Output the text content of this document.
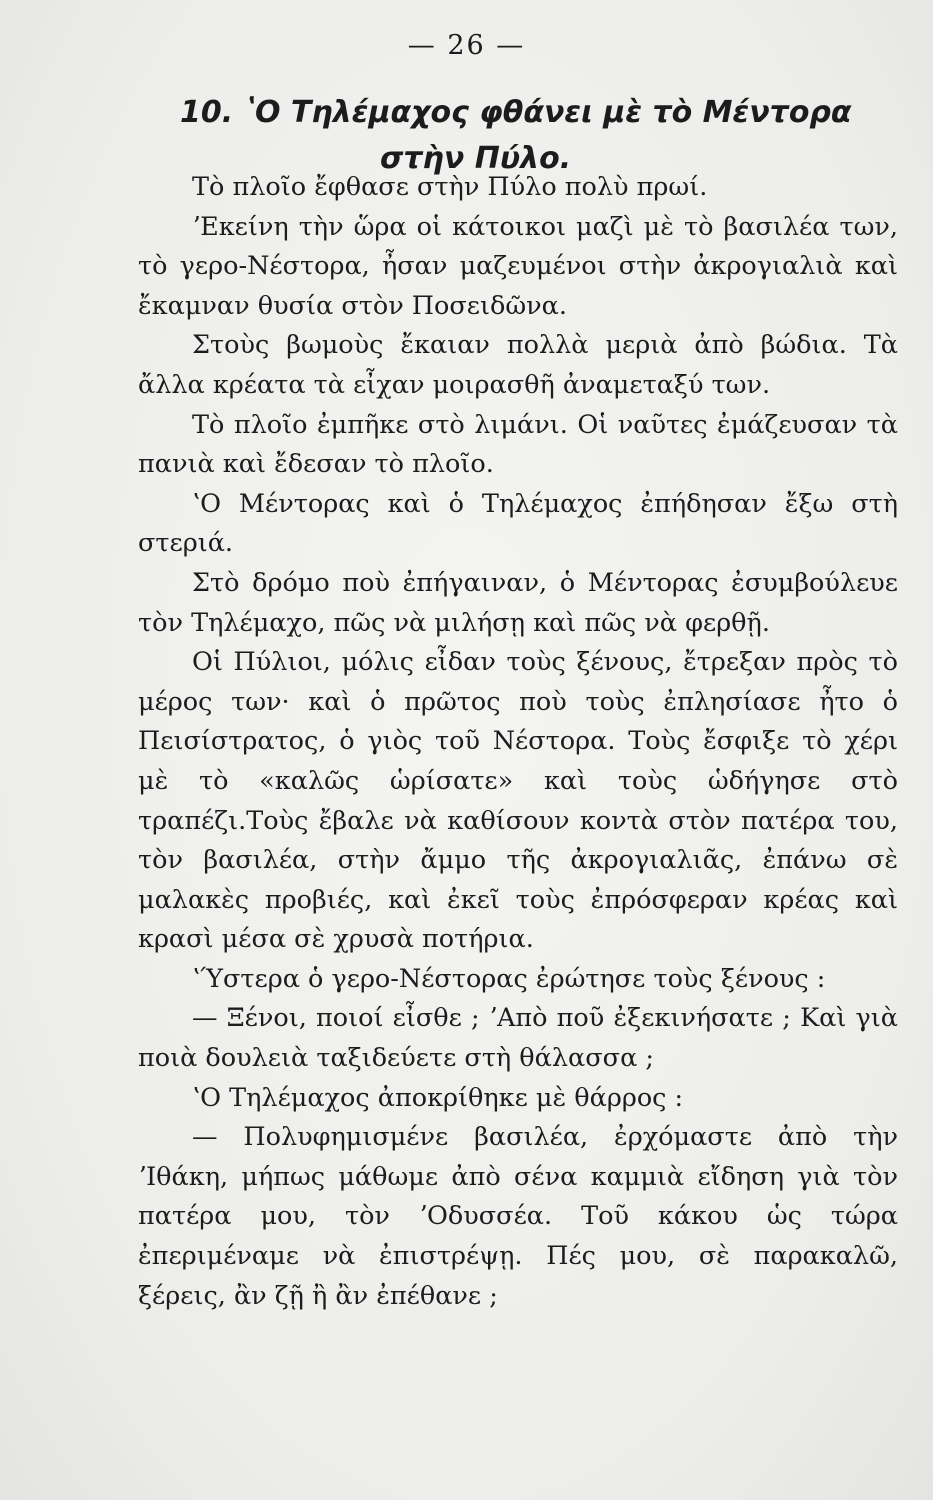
— 26 —
10. ʽΟ Τηλέμαχος φθάνει μὲ τὸ Μέντορα
στὴν Πύλο.

Τὸ πλοῖο ἔφθασε στὴν Πύλο πολὺ πρωί.

ʼΕκείνη τὴν ὥρα οἱ κάτοικοι μαζὶ μὲ τὸ βασιλέα των, τὸ γερο-Νέστορα, ἦσαν μαζευμένοι στὴν ἀκρογιαλιὰ καὶ ἔκαμναν θυσία στὸν Ποσειδῶνα.

Στοὺς βωμοὺς ἔκαιαν πολλὰ μεριὰ ἀπὸ βώδια. Τὰ ἄλλα κρέατα τὰ εἶχαν μοιρασθῆ ἀναμεταξύ των.

Τὸ πλοῖο ἐμπῆκε στὸ λιμάνι. Οἱ ναῦτες ἐμάζευσαν τὰ πανιὰ καὶ ἔδεσαν τὸ πλοῖο.

ʽΟ Μέντορας καὶ ὁ Τηλέμαχος ἐπήδησαν ἔξω στὴ στεριά.

Στὸ δρόμο ποὺ ἐπήγαιναν, ὁ Μέντορας ἐσυμβούλευε τὸν Τηλέμαχο, πῶς νὰ μιλήσῃ καὶ πῶς νὰ φερθῇ.

Οἱ Πύλιοι, μόλις εἶδαν τοὺς ξένους, ἔτρεξαν πρὸς τὸ μέρος των· καὶ ὁ πρῶτος ποὺ τοὺς ἐπλησίασε ἦτο ὁ Πεισίστρατος, ὁ γιὸς τοῦ Νέστορα. Τοὺς ἔσφιξε τὸ χέρι μὲ τὸ «καλῶς ὡρίσατε» καὶ τοὺς ὡδήγησε στὸ τραπέζι.Τοὺς ἔβαλε νὰ καθίσουν κοντὰ στὸν πατέρα του, τὸν βασιλέα, στὴν ἄμμο τῆς ἀκρογιαλιᾶς, ἐπάνω σὲ μαλακὲς προβιές, καὶ ἐκεῖ τοὺς ἐπρόσφεραν κρέας καὶ κρασὶ μέσα σὲ χρυσὰ ποτήρια.

ʽΎστερα ὁ γερο-Νέστορας ἐρώτησε τοὺς ξένους :

— Ξένοι, ποιοί εἶσθε ; ʼΑπὸ ποῦ ἐξεκινήσατε ; Καὶ γιὰ ποιὰ δουλειὰ ταξιδεύετε στὴ θάλασσα ;

ʽΟ Τηλέμαχος ἀποκρίθηκε μὲ θάρρος :

— Πολυφημισμένε βασιλέα, ἐρχόμαστε ἀπὸ τὴν ʼΙθάκη, μήπως μάθωμε ἀπὸ σένα καμμιὰ εἴδηση γιὰ τὸν πατέρα μου, τὸν ʼΟδυσσέα. Τοῦ κάκου ὡς τώρα ἐπεριμέναμε νὰ ἐπιστρέψῃ. Πές μου, σὲ παρακαλῶ, ξέρεις, ἂν ζῇ ἢ ἂν ἐπέθανε ;
